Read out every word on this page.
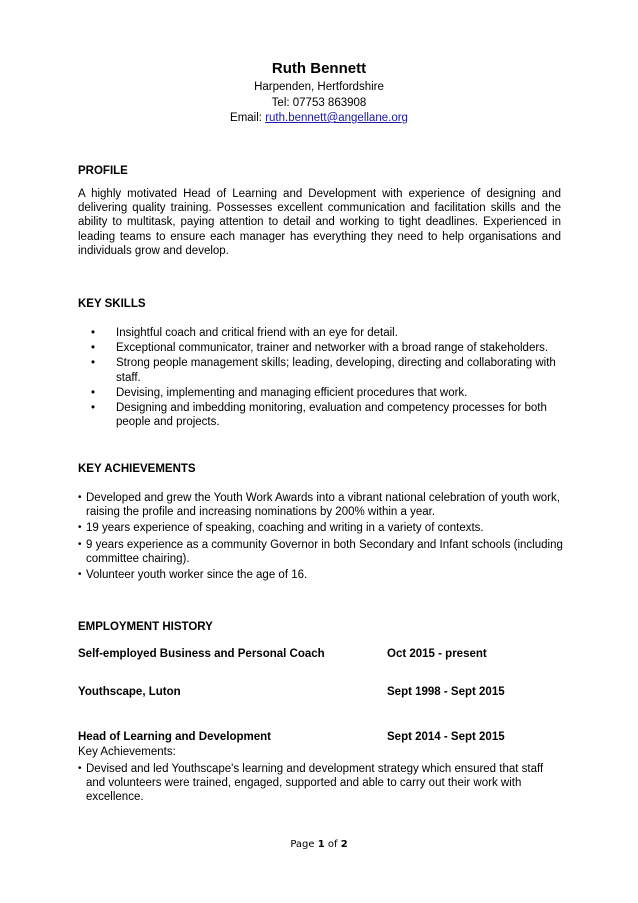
Ruth Bennett
Harpenden, Hertfordshire
Tel: 07753 863908
Email: ruth.bennett@angellane.org
PROFILE
A highly motivated Head of Learning and Development with experience of designing and delivering quality training. Possesses excellent communication and facilitation skills and the ability to multitask, paying attention to detail and working to tight deadlines. Experienced in leading teams to ensure each manager has everything they need to help organisations and individuals grow and develop.
KEY SKILLS
• Insightful coach and critical friend with an eye for detail.
• Exceptional communicator, trainer and networker with a broad range of stakeholders.
• Strong people management skills; leading, developing, directing and collaborating with staff.
• Devising, implementing and managing efficient procedures that work.
• Designing and imbedding monitoring, evaluation and competency processes for both people and projects.
KEY ACHIEVEMENTS
• Developed and grew the Youth Work Awards into a vibrant national celebration of youth work, raising the profile and increasing nominations by 200% within a year.
• 19 years experience of speaking, coaching and writing in a variety of contexts.
• 9 years experience as a community Governor in both Secondary and Infant schools (including committee chairing).
• Volunteer youth worker since the age of 16.
EMPLOYMENT HISTORY
Self-employed Business and Personal Coach	Oct 2015 - present
Youthscape, Luton	Sept 1998 - Sept 2015
Head of Learning and Development	Sept 2014 - Sept 2015
Key Achievements:
• Devised and led Youthscape's learning and development strategy which ensured that staff and volunteers were trained, engaged, supported and able to carry out their work with excellence.
Page 1 of 2
